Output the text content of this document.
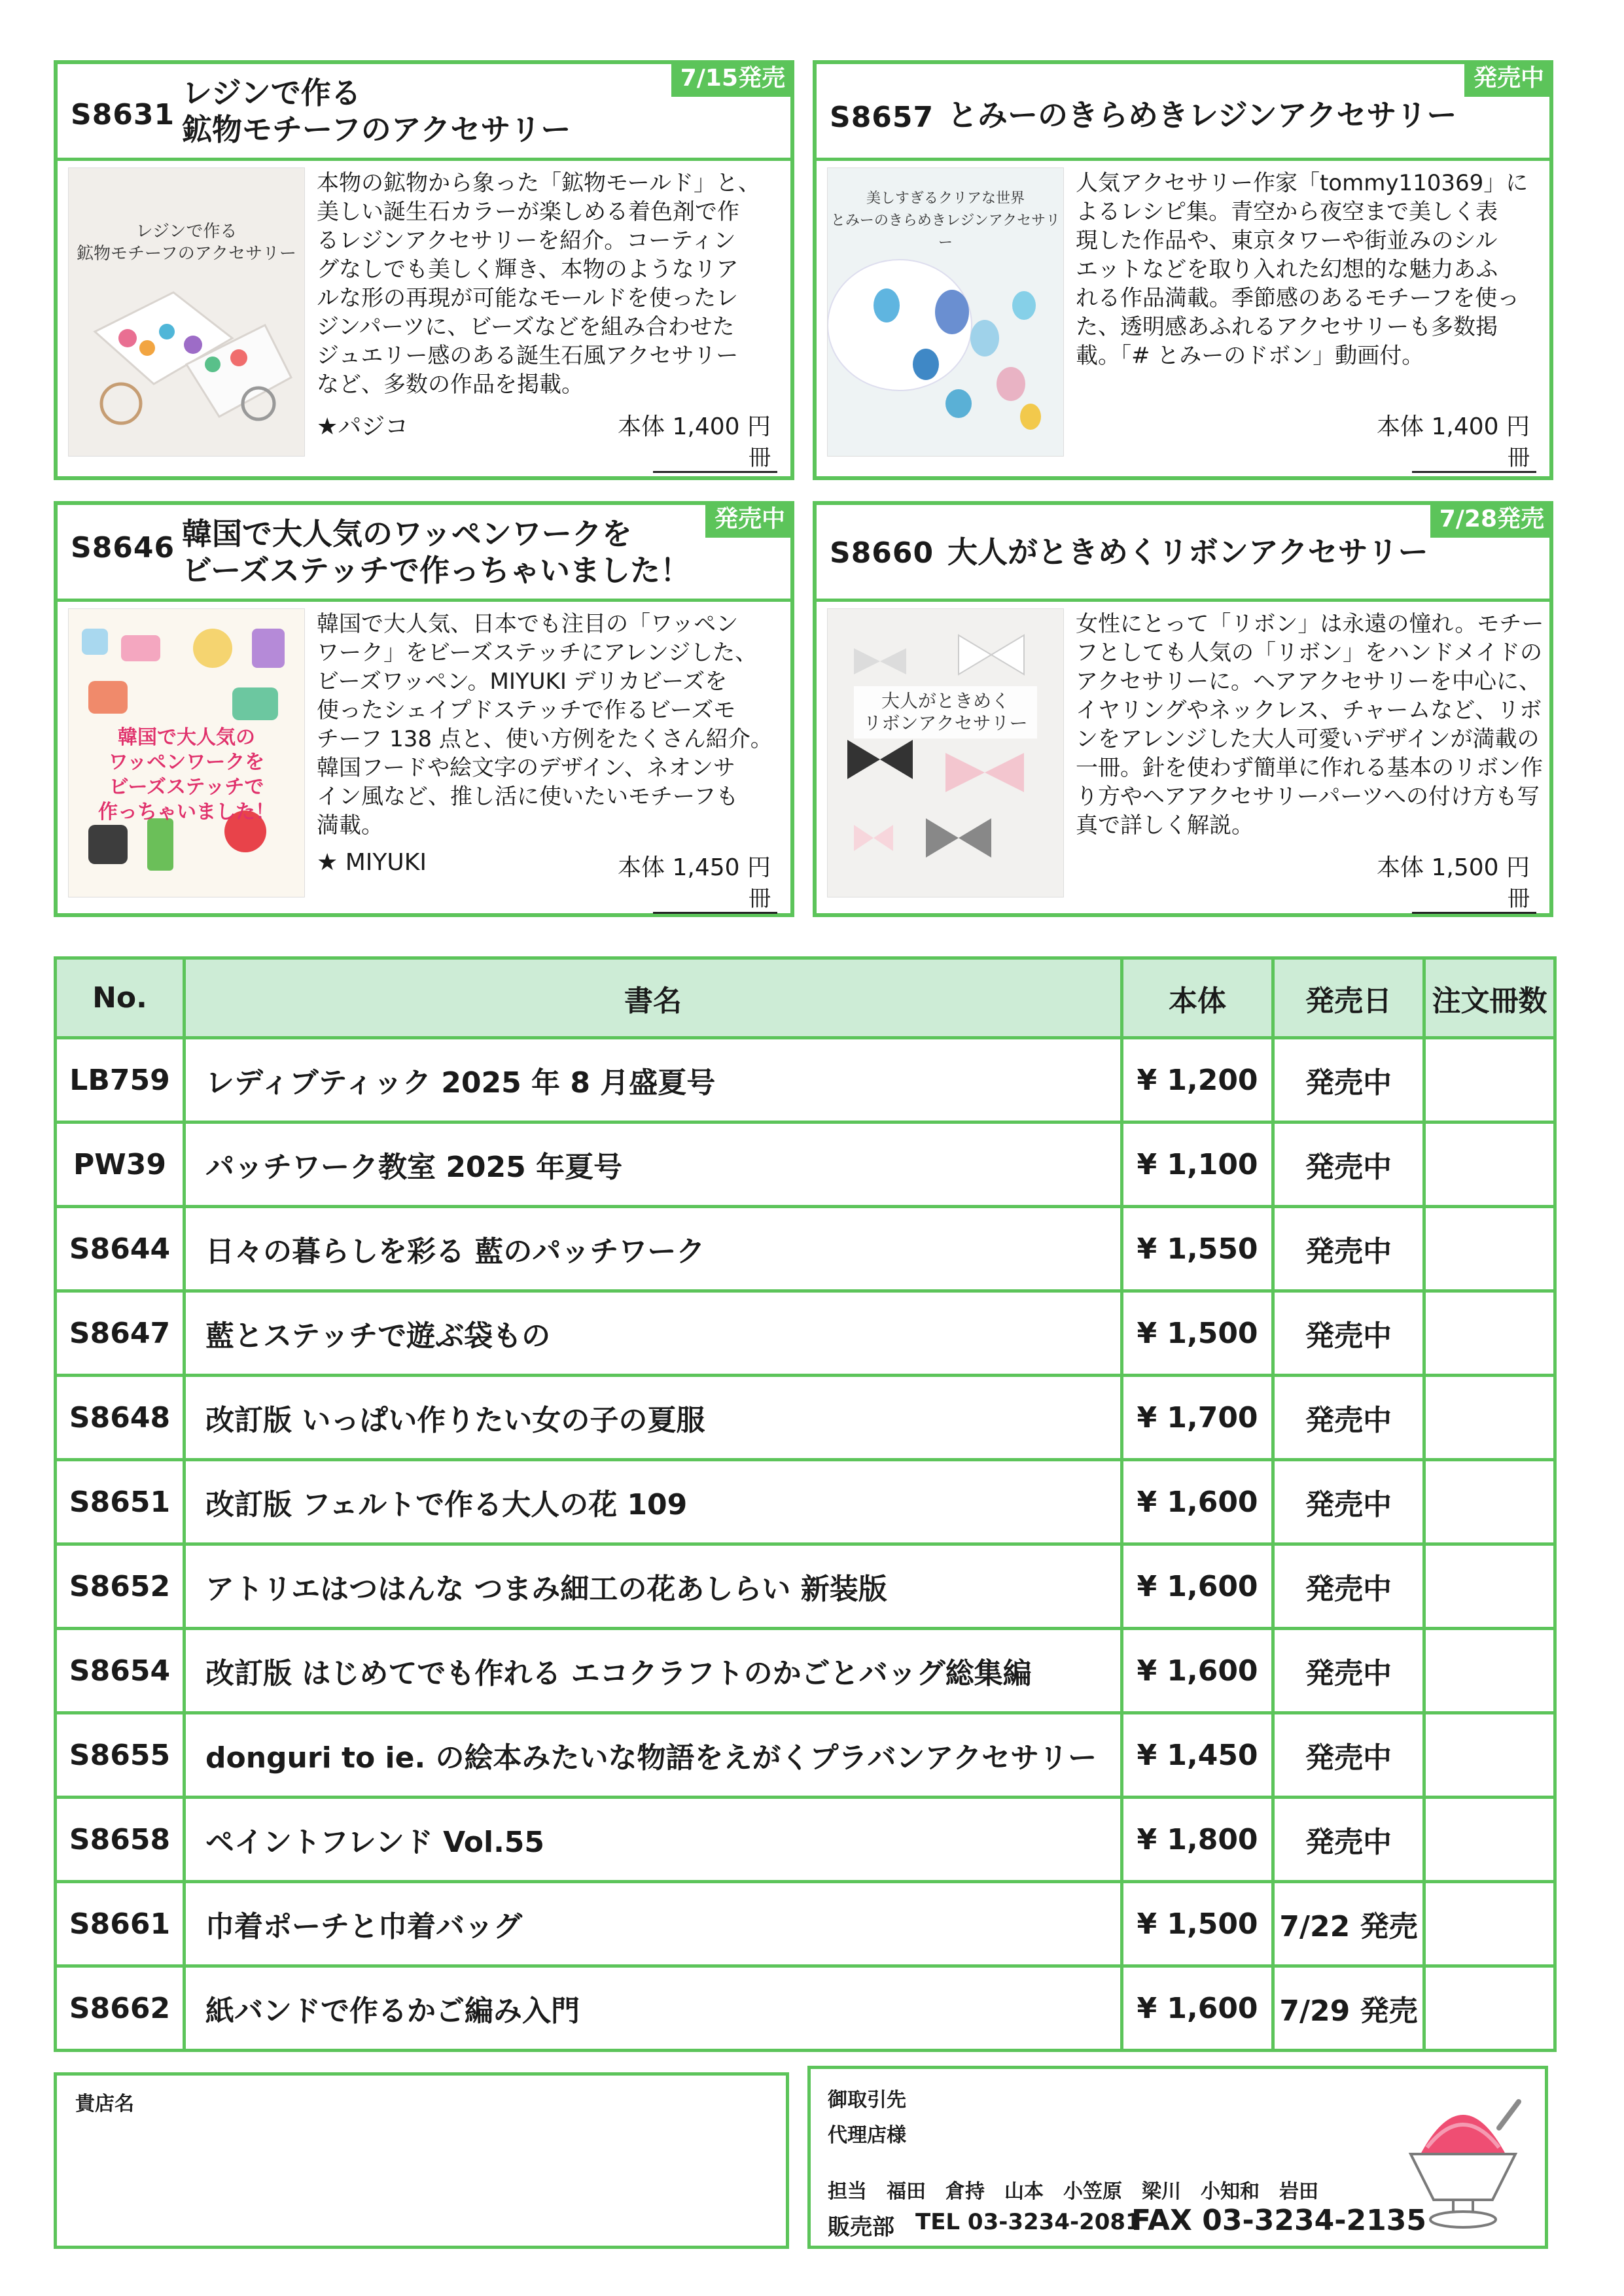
S8631
レジンで作る
鉱物モチーフのアクセサリー
7/15発売
レジンで作る
鉱物モチーフのアクセサリー
本物の鉱物から象った「鉱物モールド」と、
美しい誕生石カラーが楽しめる着色剤で作
るレジンアクセサリーを紹介。コーティン
グなしでも美しく輝き、本物のようなリア
ルな形の再現が可能なモールドを使ったレ
ジンパーツに、ビーズなどを組み合わせた
ジュエリー感のある誕生石風アクセサリー
など、多数の作品を掲載。
★パジコ	本体 1,400 円
冊
S8657 とみーのきらめきレジンアクセサリー
発売中
美しすぎるクリアな世界
とみーのきらめきレジンアクセサリー
人気アクセサリー作家「tommy110369」に
よるレシピ集。青空から夜空まで美しく表
現した作品や、東京タワーや街並みのシル
エットなどを取り入れた幻想的な魅力あふ
れる作品満載。季節感のあるモチーフを使っ
た、透明感あふれるアクセサリーも多数掲
載。「# とみーのドボン」動画付。
本体 1,400 円
冊
S8646 韓国で大人気のワッペンワークを
ビーズステッチで作っちゃいました！
発売中
韓国で大人気の
ワッペンワークを
ビーズステッチで
作っちゃいました！
韓国で大人気、日本でも注目の「ワッペン
ワーク」をビーズステッチにアレンジした、
ビーズワッペン。MIYUKI デリカビーズを
使ったシェイプドステッチで作るビーズモ
チーフ 138 点と、使い方例をたくさん紹介。
韓国フードや絵文字のデザイン、ネオンサ
イン風など、推し活に使いたいモチーフも
満載。
★ MIYUKI	本体 1,450 円
冊
S8660 大人がときめくリボンアクセサリー
7/28発売
大人がときめく
リボンアクセサリー
女性にとって「リボン」は永遠の憧れ。モチー
フとしても人気の「リボン」をハンドメイドの
アクセサリーに。ヘアアクセサリーを中心に、
イヤリングやネックレス、チャームなど、リボ
ンをアレンジした大人可愛いデザインが満載の
一冊。針を使わず簡単に作れる基本のリボン作
り方やヘアアクセサリーパーツへの付け方も写
真で詳しく解説。
本体 1,500 円
冊
No.	書名	本体	発売日	注文冊数
LB759	レディブティック 2025 年 8 月盛夏号	¥ 1,200	発売中	
PW39	パッチワーク教室 2025 年夏号	¥ 1,100	発売中	
S8644	日々の暮らしを彩る 藍のパッチワーク	¥ 1,550	発売中	
S8647	藍とステッチで遊ぶ袋もの	¥ 1,500	発売中	
S8648	改訂版 いっぱい作りたい女の子の夏服	¥ 1,700	発売中	
S8651	改訂版 フェルトで作る大人の花 109	¥ 1,600	発売中	
S8652	アトリエはつはんな つまみ細工の花あしらい 新装版	¥ 1,600	発売中	
S8654	改訂版 はじめてでも作れる エコクラフトのかごとバッグ総集編	¥ 1,600	発売中	
S8655	donguri to ie. の絵本みたいな物語をえがくプラバンアクセサリー	¥ 1,450	発売中	
S8658	ペイントフレンド Vol.55	¥ 1,800	発売中	
S8661	巾着ポーチと巾着バッグ	¥ 1,500	7/22 発売	
S8662	紙バンドで作るかご編み入門	¥ 1,600	7/29 発売	
貴店名	御取引先
代理店様
担当　福田　倉持　山本　小笠原　梁川　小知和　岩田
販売部 TEL 03-3234-2081
FAX 03-3234-2135
